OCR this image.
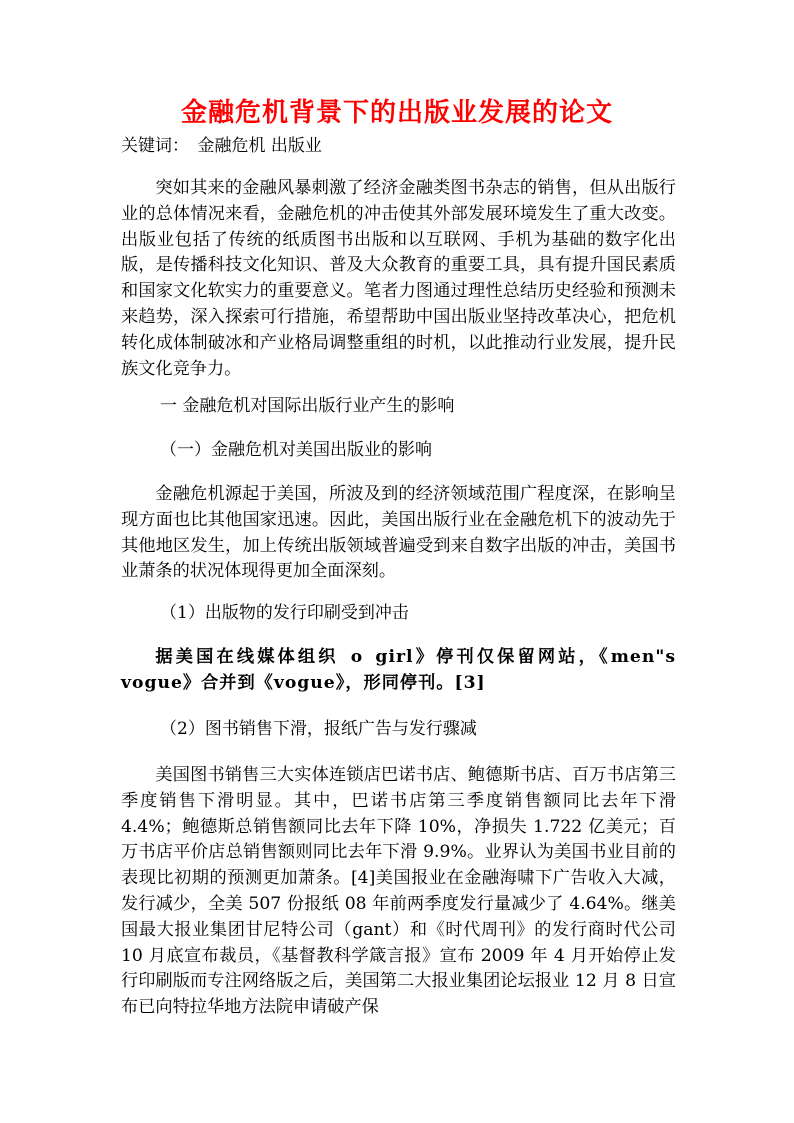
金融危机背景下的出版业发展的论文
关键词：　金融危机 出版业

突如其来的金融风暴刺激了经济金融类图书杂志的销售，但从出版行业的总体情况来看，金融危机的冲击使其外部发展环境发生了重大改变。出版业包括了传统的纸质图书出版和以互联网、手机为基础的数字化出版，是传播科技文化知识、普及大众教育的重要工具，具有提升国民素质和国家文化软实力的重要意义。笔者力图通过理性总结历史经验和预测未来趋势，深入探索可行措施，希望帮助中国出版业坚持改革决心，把危机转化成体制破冰和产业格局调整重组的时机，以此推动行业发展，提升民族文化竞争力。

一 金融危机对国际出版行业产生的影响

（一）金融危机对美国出版业的影响

金融危机源起于美国，所波及到的经济领域范围广程度深，在影响呈现方面也比其他国家迅速。因此，美国出版行业在金融危机下的波动先于其他地区发生，加上传统出版领域普遍受到来自数字出版的冲击，美国书业萧条的状况体现得更加全面深刻。

（1）出版物的发行印刷受到冲击

据美国在线媒体组织 o girl》停刊仅保留网站，《men"s vogue》合并到《vogue》，形同停刊。[3]

（2）图书销售下滑，报纸广告与发行骤减

美国图书销售三大实体连锁店巴诺书店、鲍德斯书店、百万书店第三季度销售下滑明显。其中，巴诺书店第三季度销售额同比去年下滑 4.4%；鲍德斯总销售额同比去年下降 10%，净损失 1.722 亿美元；百万书店平价店总销售额则同比去年下滑 9.9%。业界认为美国书业目前的表现比初期的预测更加萧条。[4]美国报业在金融海啸下广告收入大减，发行减少，全美 507 份报纸 08 年前两季度发行量减少了 4.64%。继美国最大报业集团甘尼特公司（gant）和《时代周刊》的发行商时代公司 10 月底宣布裁员，《基督教科学箴言报》宣布 2009 年 4 月开始停止发行印刷版而专注网络版之后，美国第二大报业集团论坛报业 12 月 8 日宣布已向特拉华地方法院申请破产保
